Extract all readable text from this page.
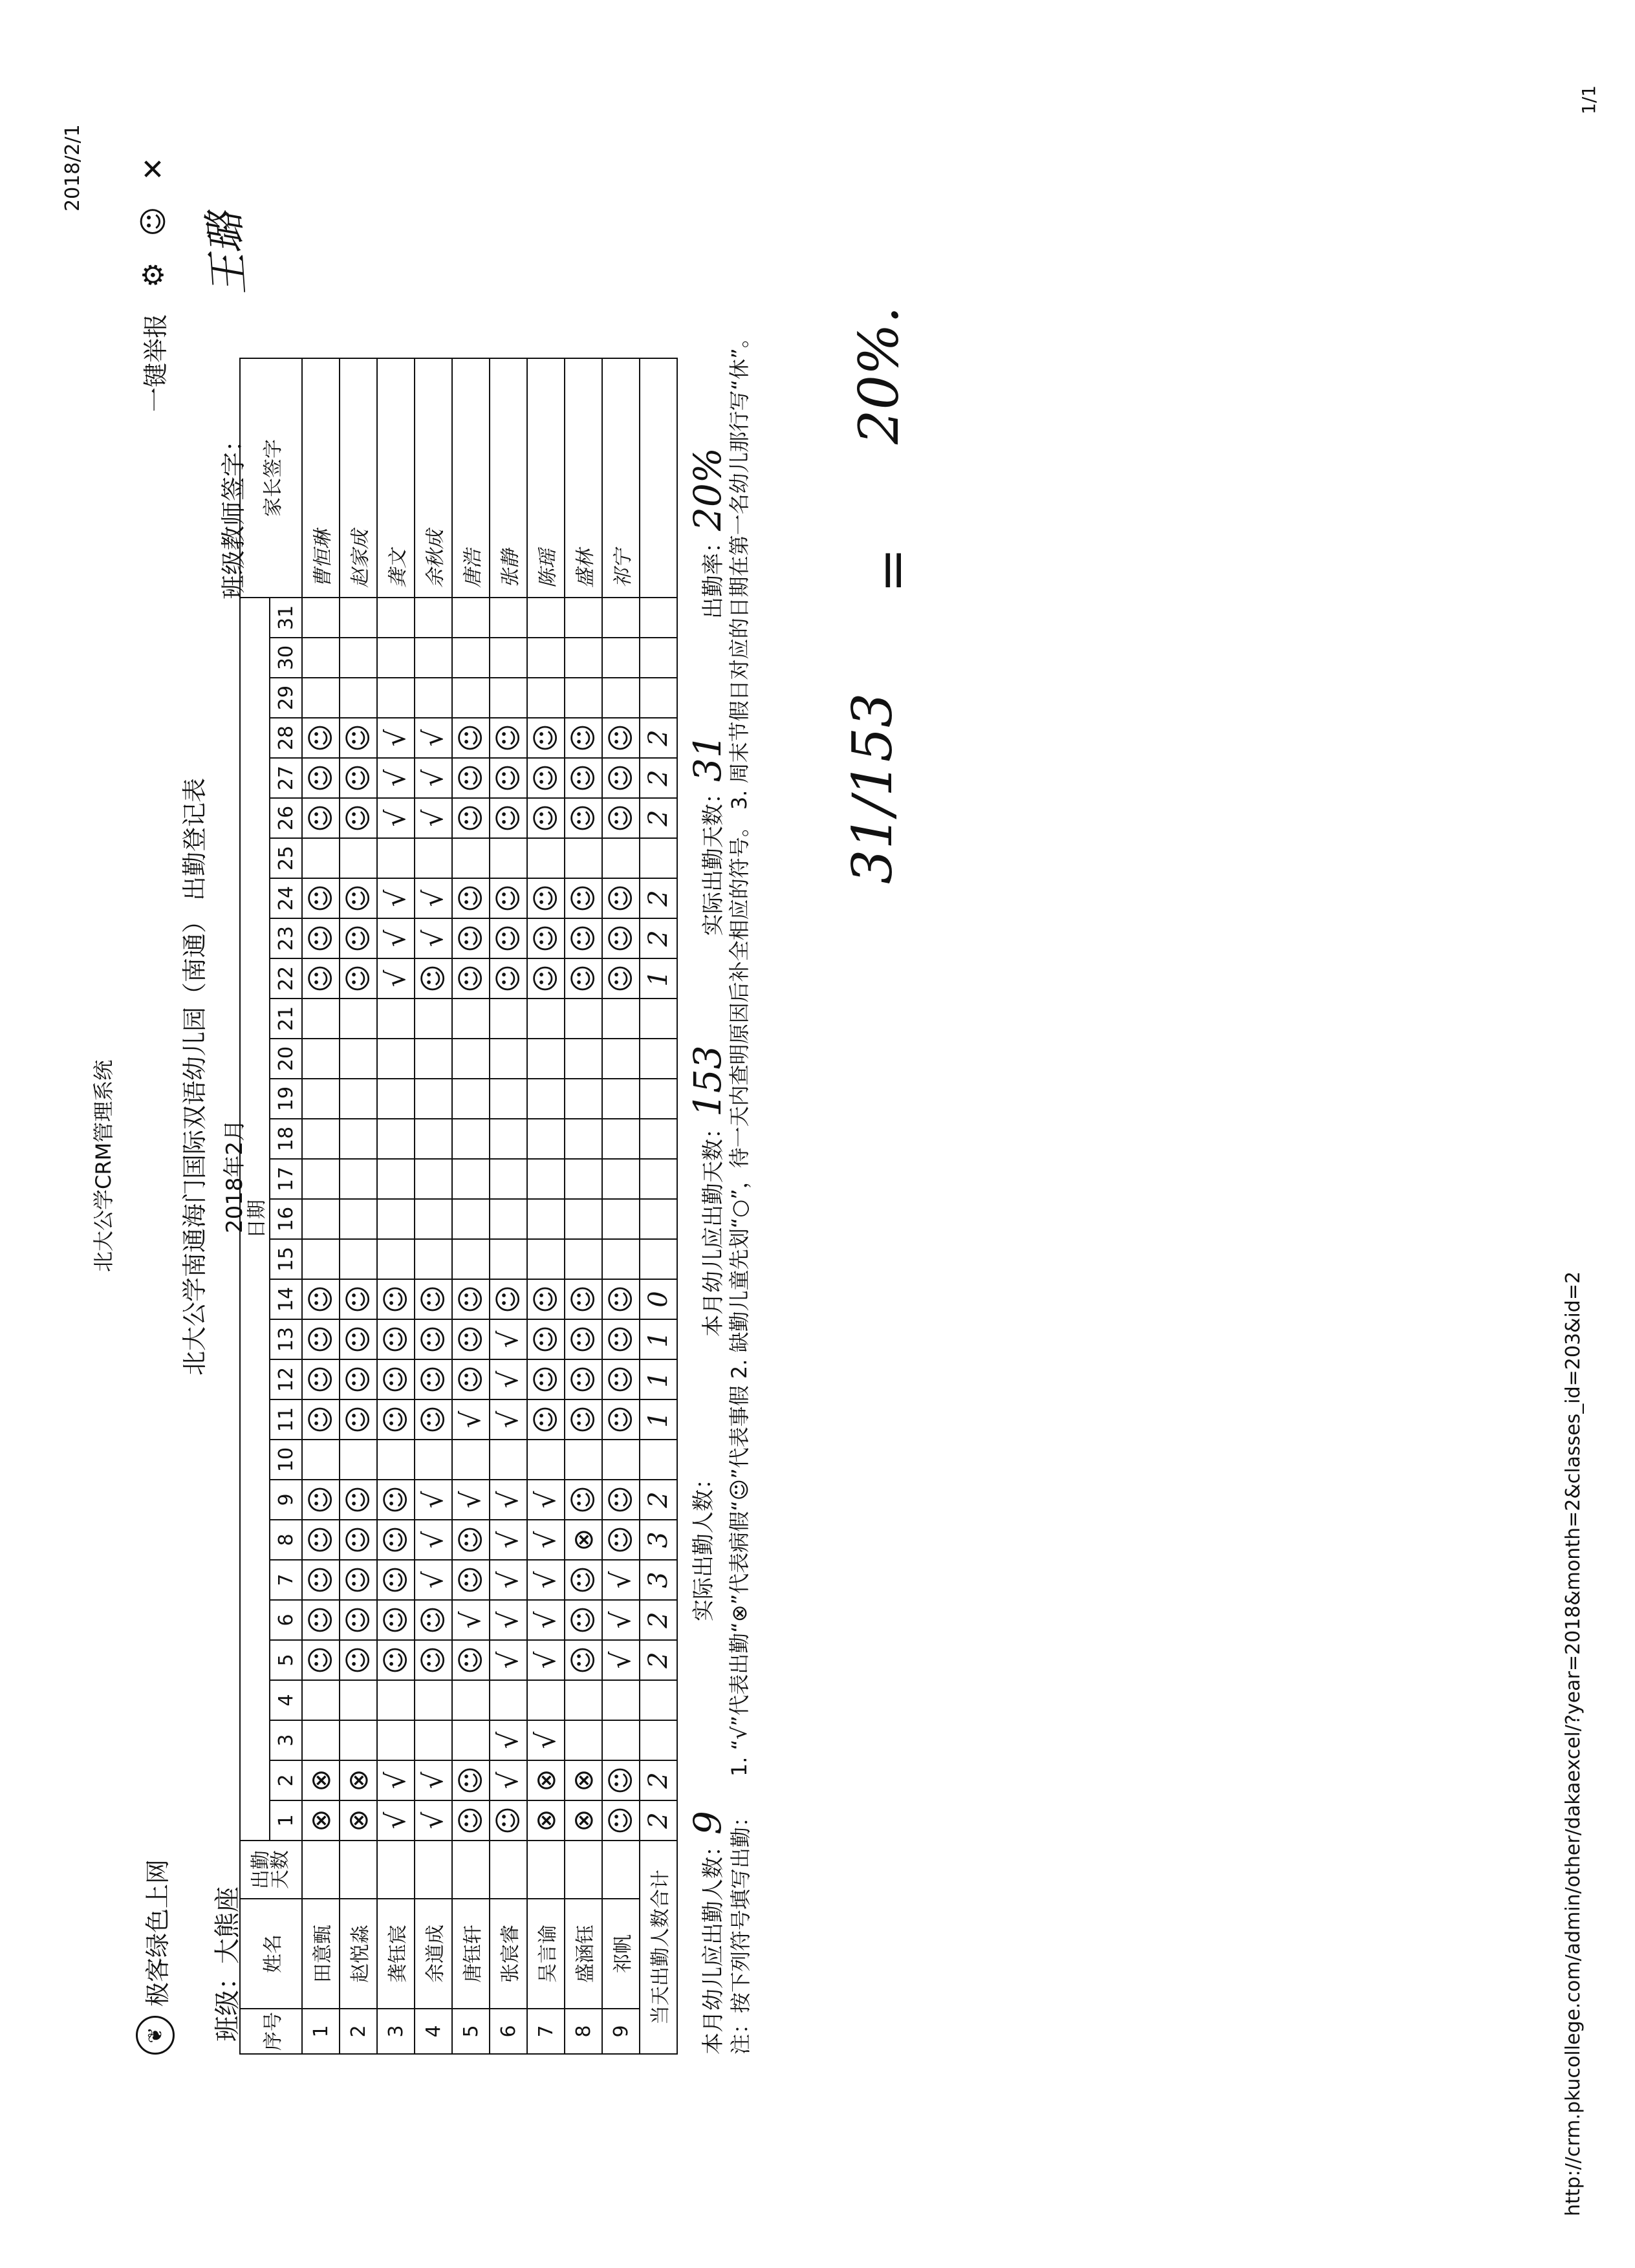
2018/2/1
北大公学CRM管理系统
1/1
http://crm.pkucollege.com/admin/other/dakaexcel/?year=2018&month=2&classes_id=203&id=2
❦
极客绿色上网
一键举报
⚙
☺
✕
北大公学南通海门国际双语幼儿园（南通） 出勤登记表 2018年2月
班级：大熊座
班级教师签字：
王璐
序号	姓名	出勤天数	日期																															家长签字
			1	2	3	4	5	6	7	8	9	10	11	12	13	14	15	16	17	18	19	20	21	22	23	24	25	26	27	28	29	30	31	
1	田意甄		⊗	⊗			☺	☺	☺	☺	☺		☺	☺	☺	☺								☺	☺	☺		☺	☺	☺				曹恒琳
2	赵悦淼		⊗	⊗			☺	☺	☺	☺	☺		☺	☺	☺	☺								☺	☺	☺		☺	☺	☺				赵家成
3	龚钰宸		√	√			☺	☺	☺	☺	☺		☺	☺	☺	☺								√	√	√		√	√	√				龚文
4	余道成		√	√			☺	☺	√	√	√		☺	☺	☺	☺								☺	√	√		√	√	√				余秋成
5	唐钰轩		☺	☺			☺	√	☺	☺	√		√	☺	☺	☺								☺	☺	☺		☺	☺	☺				唐浩
6	张宸睿		☺	√	√		√	√	√	√	√		√	√	√	☺								☺	☺	☺		☺	☺	☺				张静
7	吴言谕		⊗	⊗	√		√	√	√	√	√		☺	☺	☺	☺								☺	☺	☺		☺	☺	☺				陈瑶
8	盛涵钰		⊗	⊗			☺	☺	☺	⊗	☺		☺	☺	☺	☺								☺	☺	☺		☺	☺	☺				盛林
9	祁帆		☺	☺			√	√	√	☺	☺		☺	☺	☺	☺								☺	☺	☺		☺	☺	☺				祁宁
当天出勤人数合计			2	2			2	2	3	3	2		1	1	1	0								1	2	2		2	2	2				
本月幼儿应出勤人数：9
实际出勤人数：
本月幼儿应出勤天数：153
实际出勤天数：31
出勤率：20%
注：按下列符号填写出勤：
1. “√”代表出勤“⊗”代表病假“☺”代表事假 2. 缺勤儿童先划“○”，待一天内查明原因后补全相应的符号。 3. 周末节假日对应的日期在第一名幼儿那行写“休”。 31/153
=
20%.
